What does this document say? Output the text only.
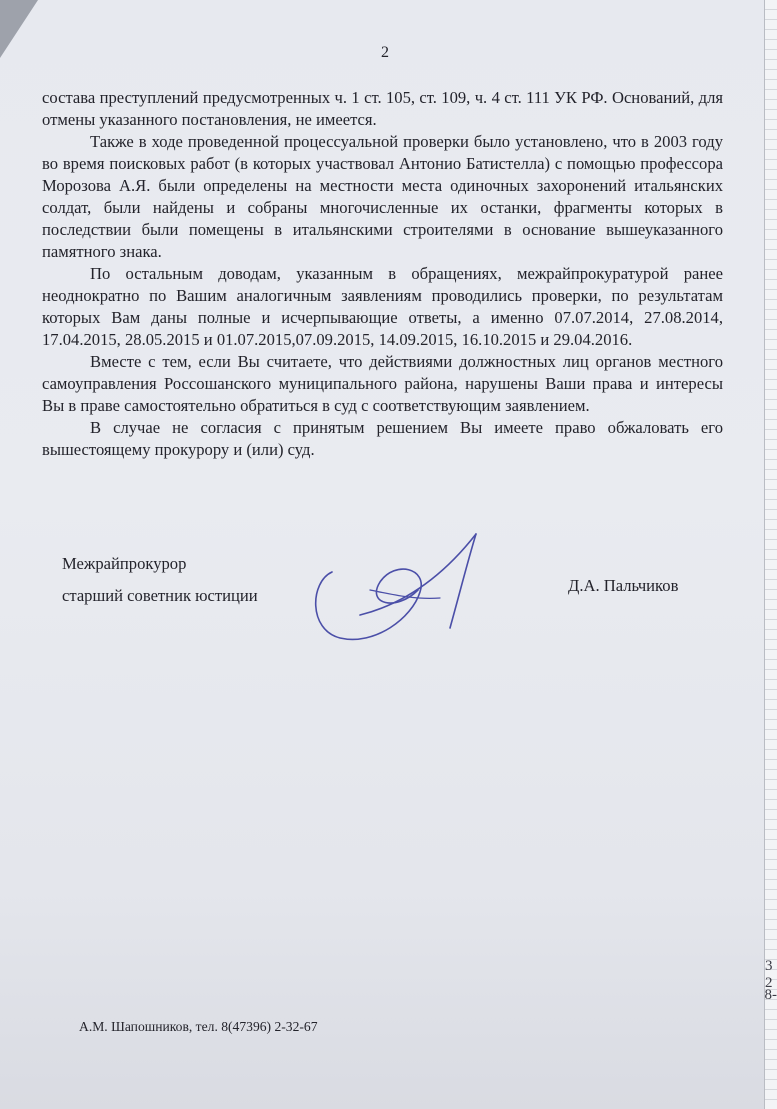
2

состава преступлений предусмотренных ч. 1 ст. 105, ст. 109, ч. 4 ст. 111 УК РФ. Оснований, для отмены указанного постановления, не имеется.

Также в ходе проведенной процессуальной проверки было установлено, что в 2003 году во время поисковых работ (в которых участвовал Антонио Батистелла) с помощью профессора Морозова А.Я. были определены на местности места одиночных захоронений итальянских солдат, были найдены и собраны многочисленные их останки, фрагменты которых в последствии были помещены в итальянскими строителями в основание вышеуказанного памятного знака.

По остальным доводам, указанным в обращениях, межрайпрокуратурой ранее неоднократно по Вашим аналогичным заявлениям проводились проверки, по результатам которых Вам даны полные и исчерпывающие ответы, а именно 07.07.2014, 27.08.2014, 17.04.2015, 28.05.2015 и 01.07.2015,07.09.2015, 14.09.2015, 16.10.2015 и 29.04.2016.

Вместе с тем, если Вы считаете, что действиями должностных лиц органов местного самоуправления Россошанского муниципального района, нарушены Ваши права и интересы Вы в праве самостоятельно обратиться в суд с соответствующим заявлением.

В случае не согласия с принятым решением Вы имеете право обжаловать его вышестоящему прокурору и (или) суд.

Межрайпрокурор
старший советник юстиции
Д.А. Пальчиков
А.М. Шапошников, тел. 8(47396) 2-32-67
3 2
8-
